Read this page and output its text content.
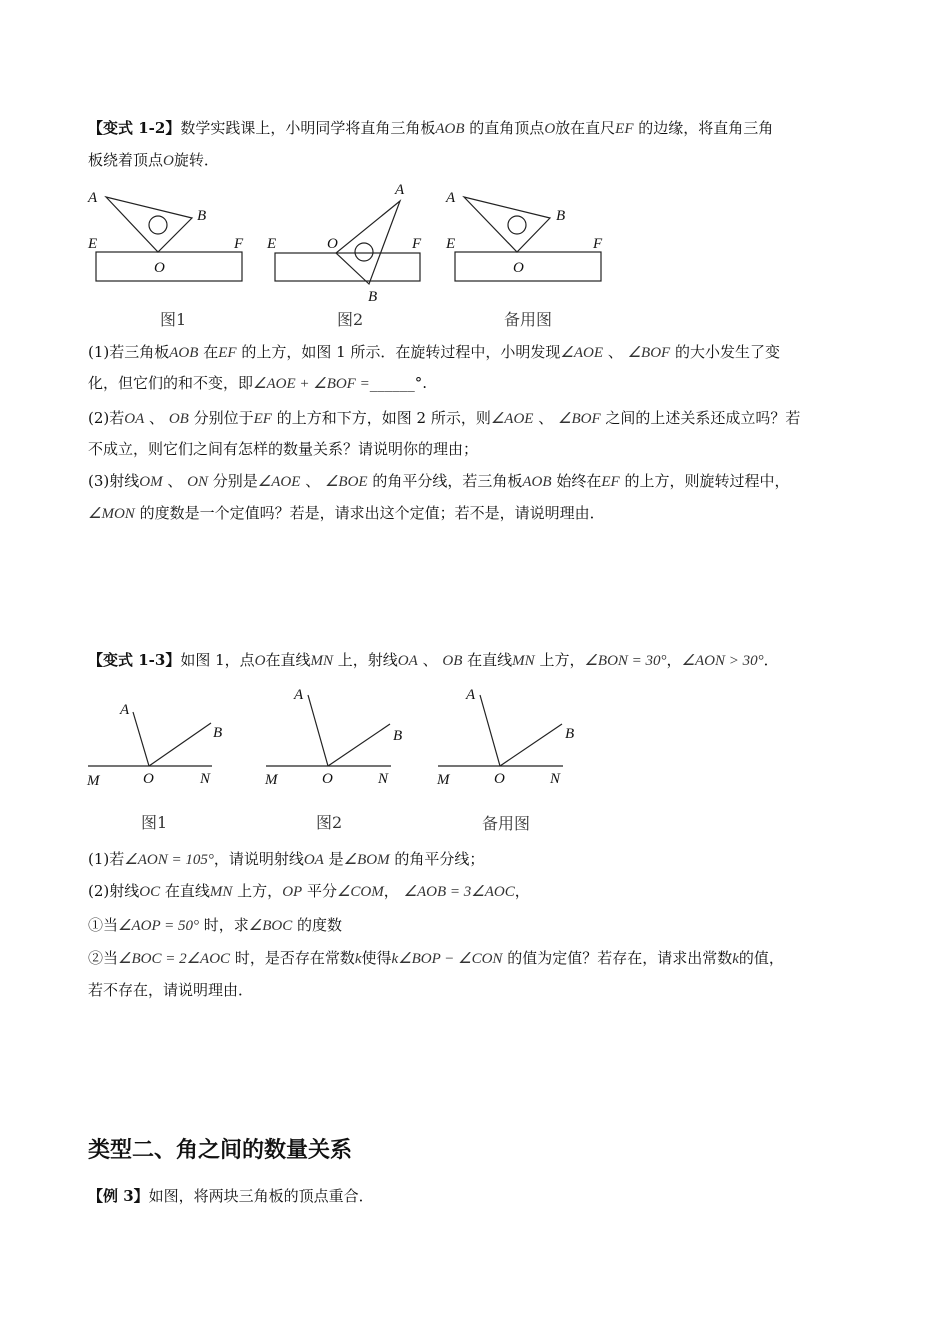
【变式 1-2】数学实践课上，小明同学将直角三角板AOB 的直角顶点O放在直尺EF 的边缘，将直角三角
板绕着顶点O旋转．
A
B
E	F
O
A
B
E	F
O
A
B
E	F
O
图1	图2	备用图
(1)若三角板AOB 在EF 的上方，如图 1 所示．在旋转过程中，小明发现∠AOE 、 ∠BOF 的大小发生了变
化，但它们的和不变，即∠AOE + ∠BOF =______°.
(2)若OA 、 OB 分别位于EF 的上方和下方，如图 2 所示，则∠AOE 、 ∠BOF 之间的上述关系还成立吗？若
不成立，则它们之间有怎样的数量关系？请说明你的理由；
(3)射线OM 、 ON 分别是∠AOE 、 ∠BOE 的角平分线，若三角板AOB 始终在EF 的上方，则旋转过程中，
∠MON 的度数是一个定值吗？若是，请求出这个定值；若不是，请说明理由．
【变式 1-3】如图 1，点O在直线MN 上，射线OA 、 OB 在直线MN 上方，∠BON = 30°，∠AON > 30°．
A
B
M	O	N
A
B
M	O	N
A
B
M	O	N
图1	图2	备用图
(1)若∠AON = 105°，请说明射线OA 是∠BOM 的角平分线；
(2)射线OC 在直线MN 上方，OP 平分∠COM， ∠AOB = 3∠AOC，
①当∠AOP = 50° 时，求∠BOC 的度数
②当∠BOC = 2∠AOC 时，是否存在常数k使得k∠BOP − ∠CON 的值为定值？若存在，请求出常数k的值，
若不存在，请说明理由．
类型二、角之间的数量关系
【例 3】如图，将两块三角板的顶点重合．
